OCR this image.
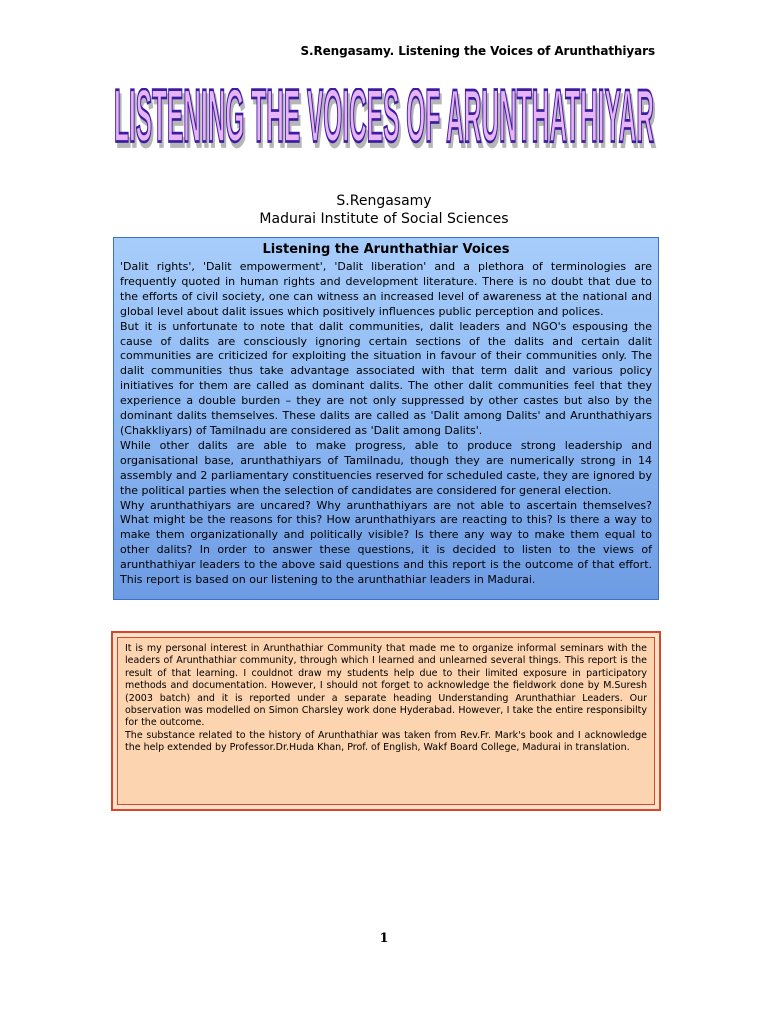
S.Rengasamy. Listening the Voices of Arunthathiyars
LISTENING THE VOICES OF ARUNTHATHIYAR
S.Rengasamy
Madurai Institute of Social Sciences
Listening the Arunthathiar Voices

'Dalit rights', 'Dalit empowerment', 'Dalit liberation' and a plethora of terminologies are frequently quoted in human rights and development literature. There is no doubt that due to the efforts of civil society, one can witness an increased level of awareness at the national and global level about dalit issues which positively influences public perception and polices.

But it is unfortunate to note that dalit communities, dalit leaders and NGO's espousing the cause of dalits are consciously ignoring certain sections of the dalits and certain dalit communities are criticized for exploiting the situation in favour of their communities only. The dalit communities thus take advantage associated with that term dalit and various policy initiatives for them are called as dominant dalits. The other dalit communities feel that they experience a double burden – they are not only suppressed by other castes but also by the dominant dalits themselves. These dalits are called as 'Dalit among Dalits' and Arunthathiyars (Chakkliyars) of Tamilnadu are considered as 'Dalit among Dalits'.

While other dalits are able to make progress, able to produce strong leadership and organisational base, arunthathiyars of Tamilnadu, though they are numerically strong in 14 assembly and 2 parliamentary constituencies reserved for scheduled caste, they are ignored by the political parties when the selection of candidates are considered for general election.

Why arunthathiyars are uncared? Why arunthathiyars are not able to ascertain themselves? What might be the reasons for this? How arunthathiyars are reacting to this? Is there a way to make them organizationally and politically visible? Is there any way to make them equal to other dalits? In order to answer these questions, it is decided to listen to the views of arunthathiyar leaders to the above said questions and this report is the outcome of that effort. This report is based on our listening to the arunthathiar leaders in Madurai.

It is my personal interest in Arunthathiar Community that made me to organize informal seminars with the leaders of Arunthathiar community, through which I learned and unlearned several things. This report is the result of that learning. I couldnot draw my students help due to their limited exposure in participatory methods and documentation. However, I should not forget to acknowledge the fieldwork done by M.Suresh (2003 batch) and it is reported under a separate heading Understanding Arunthathiar Leaders. Our observation was modelled on Simon Charsley work done Hyderabad. However, I take the entire responsibilty for the outcome.

The substance related to the history of Arunthathiar was taken from Rev.Fr. Mark's book and I acknowledge the help extended by Professor.Dr.Huda Khan, Prof. of English, Wakf Board College, Madurai in translation.

1
